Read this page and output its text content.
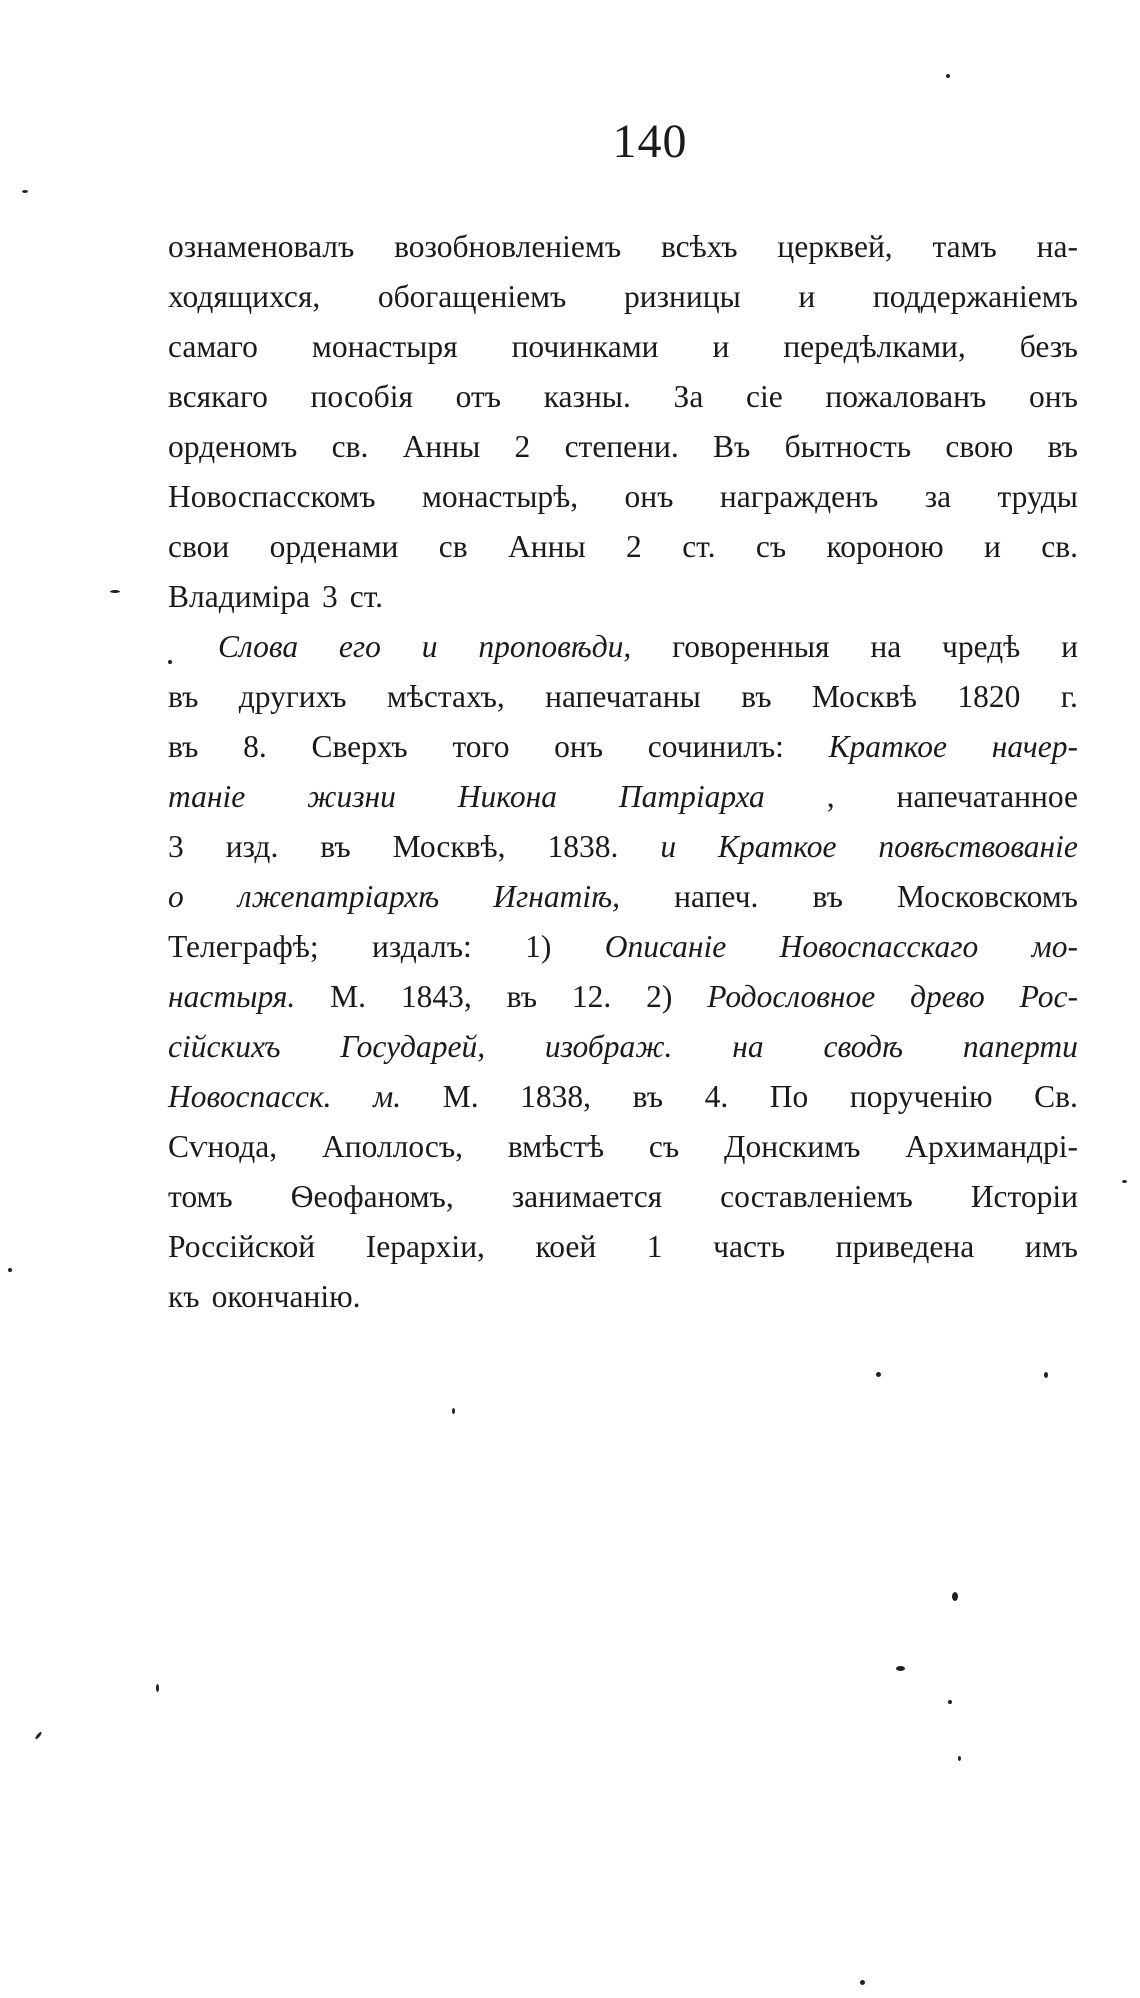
140
ознаменовалъ возобновленіемъ всѣхъ церквей, тамъ на-
ходящихся, обогащеніемъ ризницы и поддержаніемъ
самаго монастыря починками и передѣлками, безъ
всякаго пособія отъ казны. За сіе пожалованъ онъ
орденомъ св. Анны 2 степени. Въ бытность свою въ
Новоспасскомъ монастырѣ, онъ награжденъ за труды
свои орденами св Анны 2 ст. съ короною и св.
Владиміра 3 ст.
Слова его и проповѣди, говоренныя на чредѣ и
въ другихъ мѣстахъ, напечатаны въ Москвѣ 1820 г.
въ 8. Сверхъ того онъ сочинилъ: Краткое начер-
таніе жизни Никона Патріарха , напечатанное
3 изд. въ Москвѣ, 1838. и Краткое повѣствованіе
о лжепатріархѣ Игнатіѣ, напеч. въ Московскомъ
Телеграфѣ; издалъ: 1) Описаніе Новоспасскаго мо-
настыря. М. 1843, въ 12. 2) Родословное древо Рос-
сійскихъ Государей, изображ. на сводѣ паперти
Новоспасск. м. М. 1838, въ 4. По порученію Св.
Сѵнода, Аполлосъ, вмѣстѣ съ Донскимъ Архимандрі-
томъ Ѳеофаномъ, занимается составленіемъ Исторіи
Россійской Іерархіи, коей 1 часть приведена имъ
къ окончанію.
